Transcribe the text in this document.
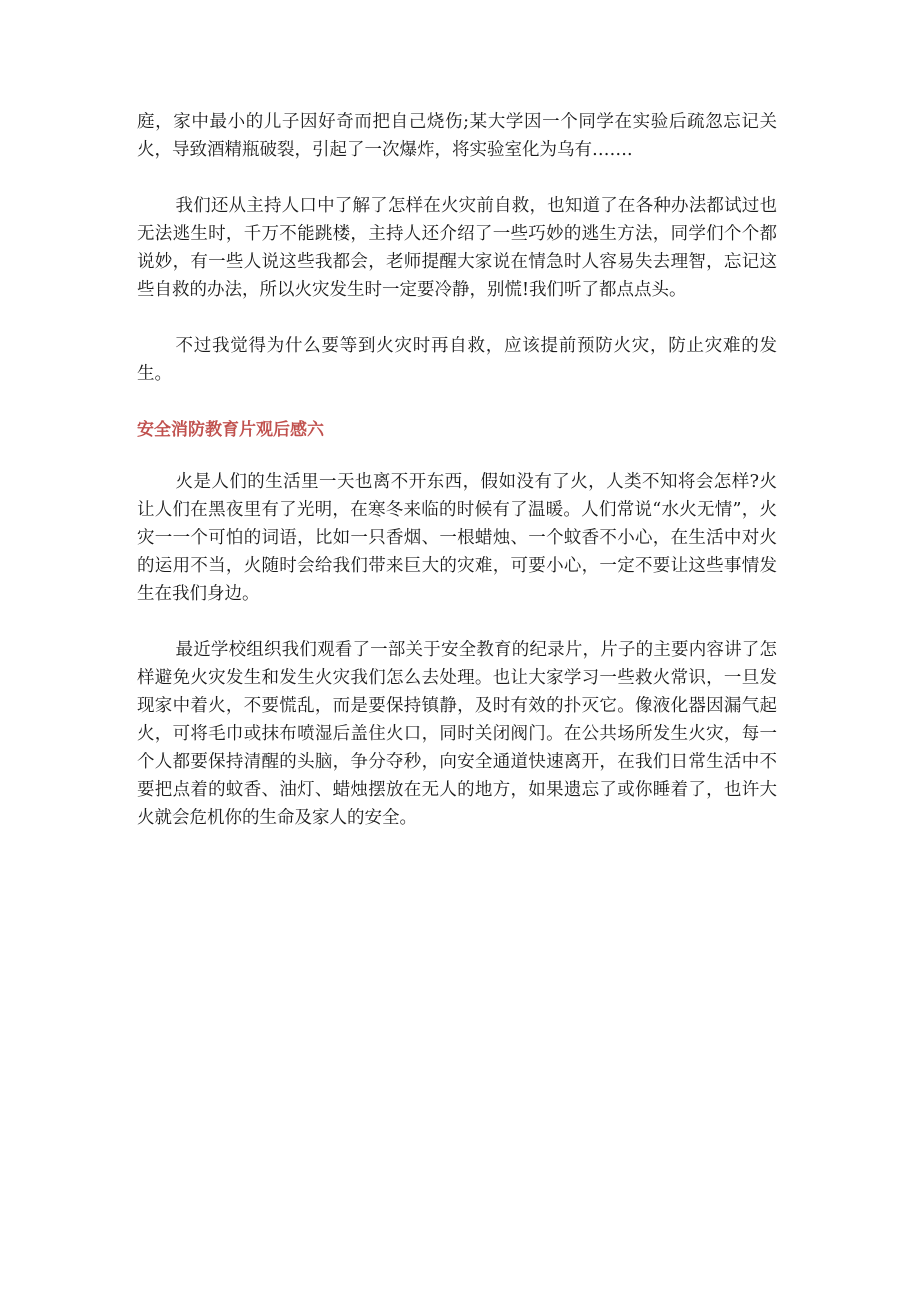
庭，家中最小的儿子因好奇而把自己烧伤;某大学因一个同学在实验后疏忽忘记关火，导致酒精瓶破裂，引起了一次爆炸，将实验室化为乌有…….

我们还从主持人口中了解了怎样在火灾前自救，也知道了在各种办法都试过也无法逃生时，千万不能跳楼，主持人还介绍了一些巧妙的逃生方法，同学们个个都说妙，有一些人说这些我都会，老师提醒大家说在情急时人容易失去理智，忘记这些自救的办法，所以火灾发生时一定要冷静，别慌!我们听了都点点头。

不过我觉得为什么要等到火灾时再自救，应该提前预防火灾，防止灾难的发生。

安全消防教育片观后感六

火是人们的生活里一天也离不开东西，假如没有了火，人类不知将会怎样?火让人们在黑夜里有了光明，在寒冬来临的时候有了温暖。人们常说“水火无情”，火灾一一个可怕的词语，比如一只香烟、一根蜡烛、一个蚊香不小心，在生活中对火的运用不当，火随时会给我们带来巨大的灾难，可要小心，一定不要让这些事情发生在我们身边。

最近学校组织我们观看了一部关于安全教育的纪录片，片子的主要内容讲了怎样避免火灾发生和发生火灾我们怎么去处理。也让大家学习一些救火常识，一旦发现家中着火，不要慌乱，而是要保持镇静，及时有效的扑灭它。像液化器因漏气起火，可将毛巾或抹布喷湿后盖住火口，同时关闭阀门。在公共场所发生火灾，每一个人都要保持清醒的头脑，争分夺秒，向安全通道快速离开，在我们日常生活中不要把点着的蚊香、油灯、蜡烛摆放在无人的地方，如果遗忘了或你睡着了，也许大火就会危机你的生命及家人的安全。
